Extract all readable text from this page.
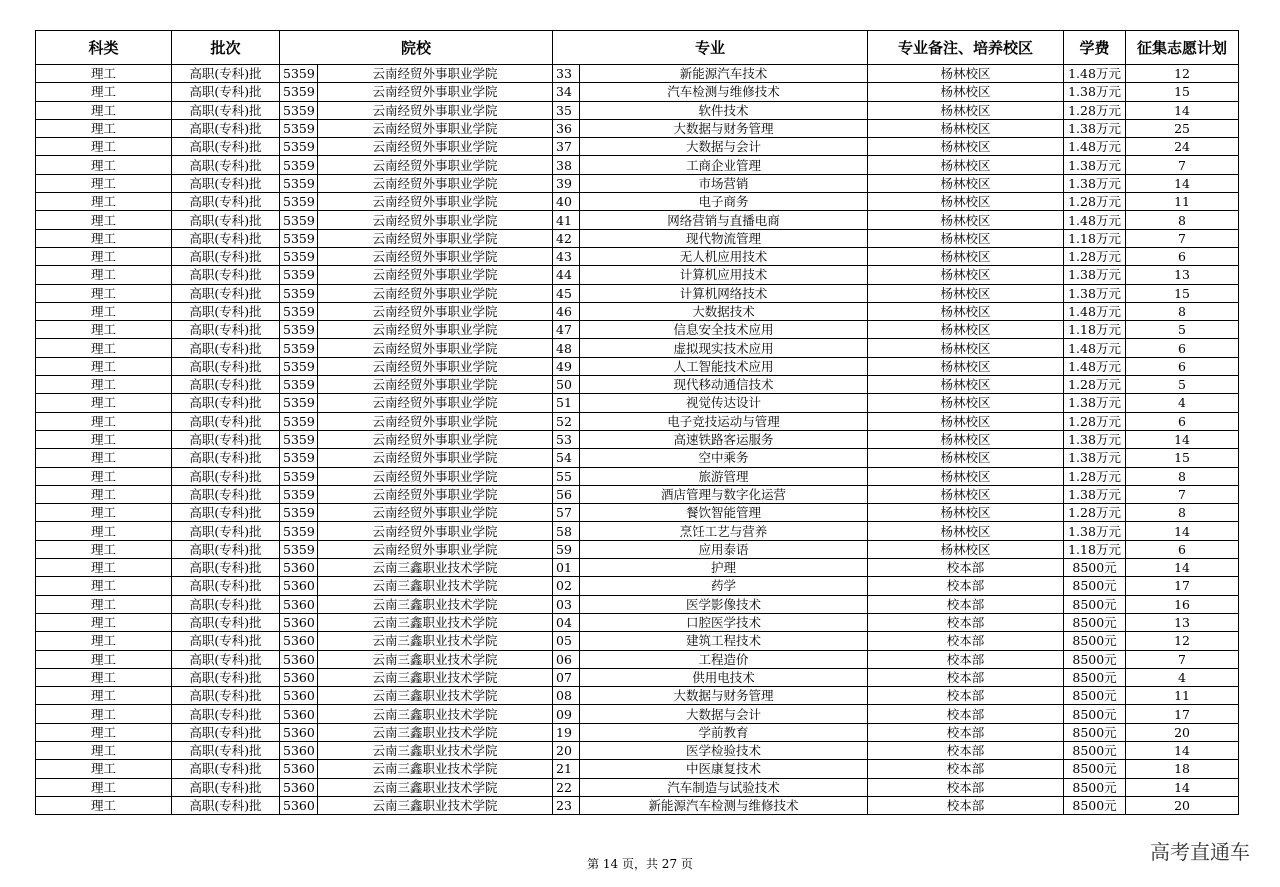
科类	批次	院校		专业		专业备注、培养校区	学费	征集志愿计划
理工	高职(专科)批	5359	云南经贸外事职业学院	33	新能源汽车技术	杨林校区	1.48万元	12
理工	高职(专科)批	5359	云南经贸外事职业学院	34	汽车检测与维修技术	杨林校区	1.38万元	15
理工	高职(专科)批	5359	云南经贸外事职业学院	35	软件技术	杨林校区	1.28万元	14
理工	高职(专科)批	5359	云南经贸外事职业学院	36	大数据与财务管理	杨林校区	1.38万元	25
理工	高职(专科)批	5359	云南经贸外事职业学院	37	大数据与会计	杨林校区	1.48万元	24
理工	高职(专科)批	5359	云南经贸外事职业学院	38	工商企业管理	杨林校区	1.38万元	7
理工	高职(专科)批	5359	云南经贸外事职业学院	39	市场营销	杨林校区	1.38万元	14
理工	高职(专科)批	5359	云南经贸外事职业学院	40	电子商务	杨林校区	1.28万元	11
理工	高职(专科)批	5359	云南经贸外事职业学院	41	网络营销与直播电商	杨林校区	1.48万元	8
理工	高职(专科)批	5359	云南经贸外事职业学院	42	现代物流管理	杨林校区	1.18万元	7
理工	高职(专科)批	5359	云南经贸外事职业学院	43	无人机应用技术	杨林校区	1.28万元	6
理工	高职(专科)批	5359	云南经贸外事职业学院	44	计算机应用技术	杨林校区	1.38万元	13
理工	高职(专科)批	5359	云南经贸外事职业学院	45	计算机网络技术	杨林校区	1.38万元	15
理工	高职(专科)批	5359	云南经贸外事职业学院	46	大数据技术	杨林校区	1.48万元	8
理工	高职(专科)批	5359	云南经贸外事职业学院	47	信息安全技术应用	杨林校区	1.18万元	5
理工	高职(专科)批	5359	云南经贸外事职业学院	48	虚拟现实技术应用	杨林校区	1.48万元	6
理工	高职(专科)批	5359	云南经贸外事职业学院	49	人工智能技术应用	杨林校区	1.48万元	6
理工	高职(专科)批	5359	云南经贸外事职业学院	50	现代移动通信技术	杨林校区	1.28万元	5
理工	高职(专科)批	5359	云南经贸外事职业学院	51	视觉传达设计	杨林校区	1.38万元	4
理工	高职(专科)批	5359	云南经贸外事职业学院	52	电子竞技运动与管理	杨林校区	1.28万元	6
理工	高职(专科)批	5359	云南经贸外事职业学院	53	高速铁路客运服务	杨林校区	1.38万元	14
理工	高职(专科)批	5359	云南经贸外事职业学院	54	空中乘务	杨林校区	1.38万元	15
理工	高职(专科)批	5359	云南经贸外事职业学院	55	旅游管理	杨林校区	1.28万元	8
理工	高职(专科)批	5359	云南经贸外事职业学院	56	酒店管理与数字化运营	杨林校区	1.38万元	7
理工	高职(专科)批	5359	云南经贸外事职业学院	57	餐饮智能管理	杨林校区	1.28万元	8
理工	高职(专科)批	5359	云南经贸外事职业学院	58	烹饪工艺与营养	杨林校区	1.38万元	14
理工	高职(专科)批	5359	云南经贸外事职业学院	59	应用泰语	杨林校区	1.18万元	6
理工	高职(专科)批	5360	云南三鑫职业技术学院	01	护理	校本部	8500元	14
理工	高职(专科)批	5360	云南三鑫职业技术学院	02	药学	校本部	8500元	17
理工	高职(专科)批	5360	云南三鑫职业技术学院	03	医学影像技术	校本部	8500元	16
理工	高职(专科)批	5360	云南三鑫职业技术学院	04	口腔医学技术	校本部	8500元	13
理工	高职(专科)批	5360	云南三鑫职业技术学院	05	建筑工程技术	校本部	8500元	12
理工	高职(专科)批	5360	云南三鑫职业技术学院	06	工程造价	校本部	8500元	7
理工	高职(专科)批	5360	云南三鑫职业技术学院	07	供用电技术	校本部	8500元	4
理工	高职(专科)批	5360	云南三鑫职业技术学院	08	大数据与财务管理	校本部	8500元	11
理工	高职(专科)批	5360	云南三鑫职业技术学院	09	大数据与会计	校本部	8500元	17
理工	高职(专科)批	5360	云南三鑫职业技术学院	19	学前教育	校本部	8500元	20
理工	高职(专科)批	5360	云南三鑫职业技术学院	20	医学检验技术	校本部	8500元	14
理工	高职(专科)批	5360	云南三鑫职业技术学院	21	中医康复技术	校本部	8500元	18
理工	高职(专科)批	5360	云南三鑫职业技术学院	22	汽车制造与试验技术	校本部	8500元	14
理工	高职(专科)批	5360	云南三鑫职业技术学院	23	新能源汽车检测与维修技术	校本部	8500元	20
第 14 页，共 27 页	高考直通车
